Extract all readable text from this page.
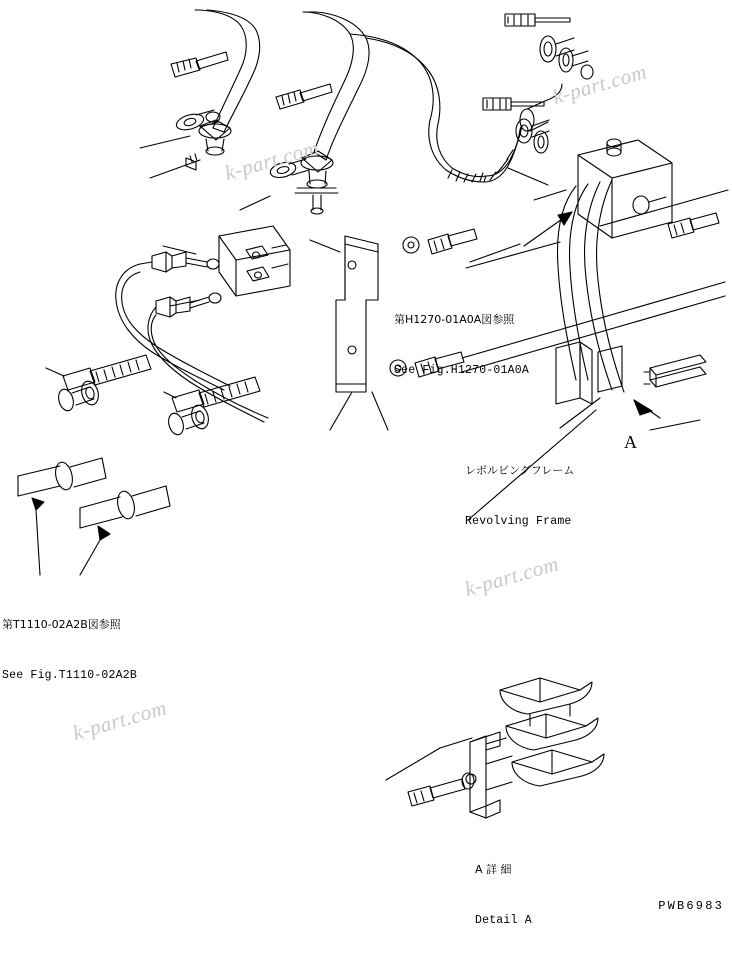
第H1270-01A0A図参照

See Fig.H1270-01A0A

第T1110-02A2B図参照

See Fig.T1110-02A2B

レボルビングフレーム

Revolving Frame

A 詳 細

Detail A

A
PWB6983
k-part.com
k-part.com
k-part.com
k-part.com
